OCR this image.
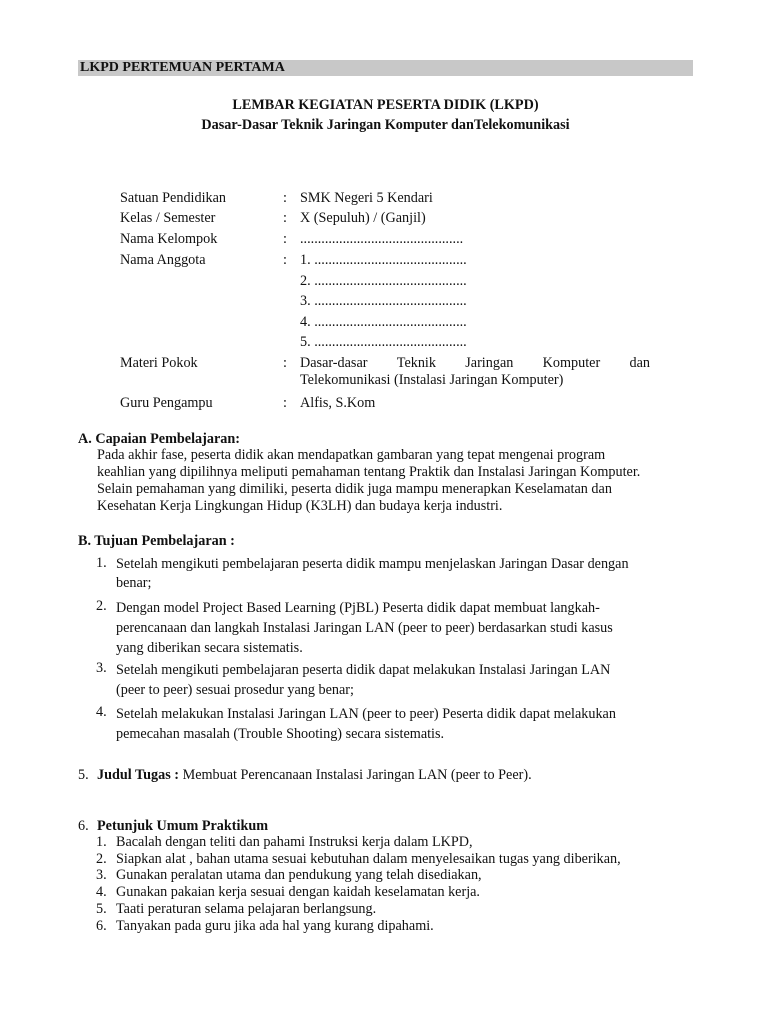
LKPD PERTEMUAN PERTAMA
LEMBAR KEGIATAN PESERTA DIDIK (LKPD)
Dasar-Dasar Teknik Jaringan Komputer danTelekomunikasi
Satuan Pendidikan	: SMK Negeri 5 Kendari
Kelas / Semester	: X (Sepuluh) / (Ganjil)
Nama Kelompok	: ..............................................
Nama Anggota	: 1. ...........................................
2. ...........................................
3. ...........................................
4. ...........................................
5. ...........................................
Materi Pokok	: Dasar-dasar Teknik Jaringan Komputer dan
Telekomunikasi (Instalasi Jaringan Komputer)
Guru Pengampu	: Alfis, S.Kom
A. Capaian Pembelajaran:
Pada akhir fase, peserta didik akan mendapatkan gambaran yang tepat mengenai program
keahlian yang dipilihnya meliputi pemahaman tentang Praktik dan Instalasi Jaringan Komputer.
Selain pemahaman yang dimiliki, peserta didik juga mampu menerapkan Keselamatan dan
Kesehatan Kerja Lingkungan Hidup (K3LH) dan budaya kerja industri.
B. Tujuan Pembelajaran :
1. Setelah mengikuti pembelajaran peserta didik mampu menjelaskan Jaringan Dasar dengan
benar;
2. Dengan model Project Based Learning (PjBL) Peserta didik dapat membuat langkah-
perencanaan dan langkah Instalasi Jaringan LAN (peer to peer) berdasarkan studi kasus
yang diberikan secara sistematis.
3. Setelah mengikuti pembelajaran peserta didik dapat melakukan Instalasi Jaringan LAN
(peer to peer) sesuai prosedur yang benar;
4. Setelah melakukan Instalasi Jaringan LAN (peer to peer) Peserta didik dapat melakukan
pemecahan masalah (Trouble Shooting) secara sistematis.
5. Judul Tugas : Membuat Perencanaan Instalasi Jaringan LAN (peer to Peer).
6. Petunjuk Umum Praktikum
1. Bacalah dengan teliti dan pahami Instruksi kerja dalam LKPD,
2. Siapkan alat , bahan utama sesuai kebutuhan dalam menyelesaikan tugas yang diberikan,
3. Gunakan peralatan utama dan pendukung yang telah disediakan,
4. Gunakan pakaian kerja sesuai dengan kaidah keselamatan kerja.
5. Taati peraturan selama pelajaran berlangsung.
6. Tanyakan pada guru jika ada hal yang kurang dipahami.
